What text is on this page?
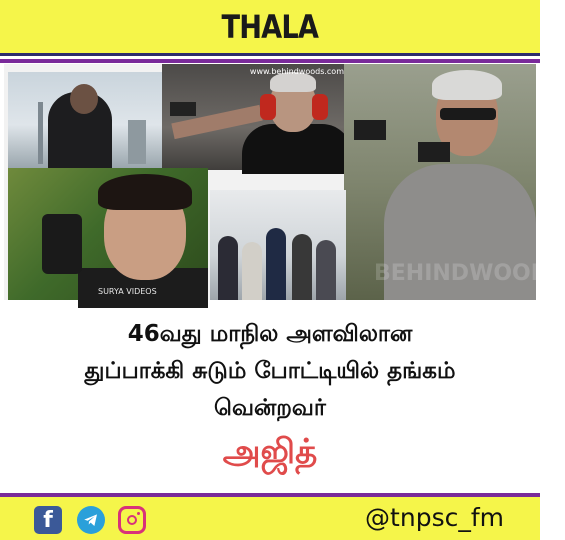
THALA
www.behindwoods.com
BEHINDWOODS
SURYA VIDEOS
46வது மாநில அளவிலான
துப்பாக்கி சுடும் போட்டியில் தங்கம்
வென்றவர்
அஜித்
f	@tnpsc_fm
